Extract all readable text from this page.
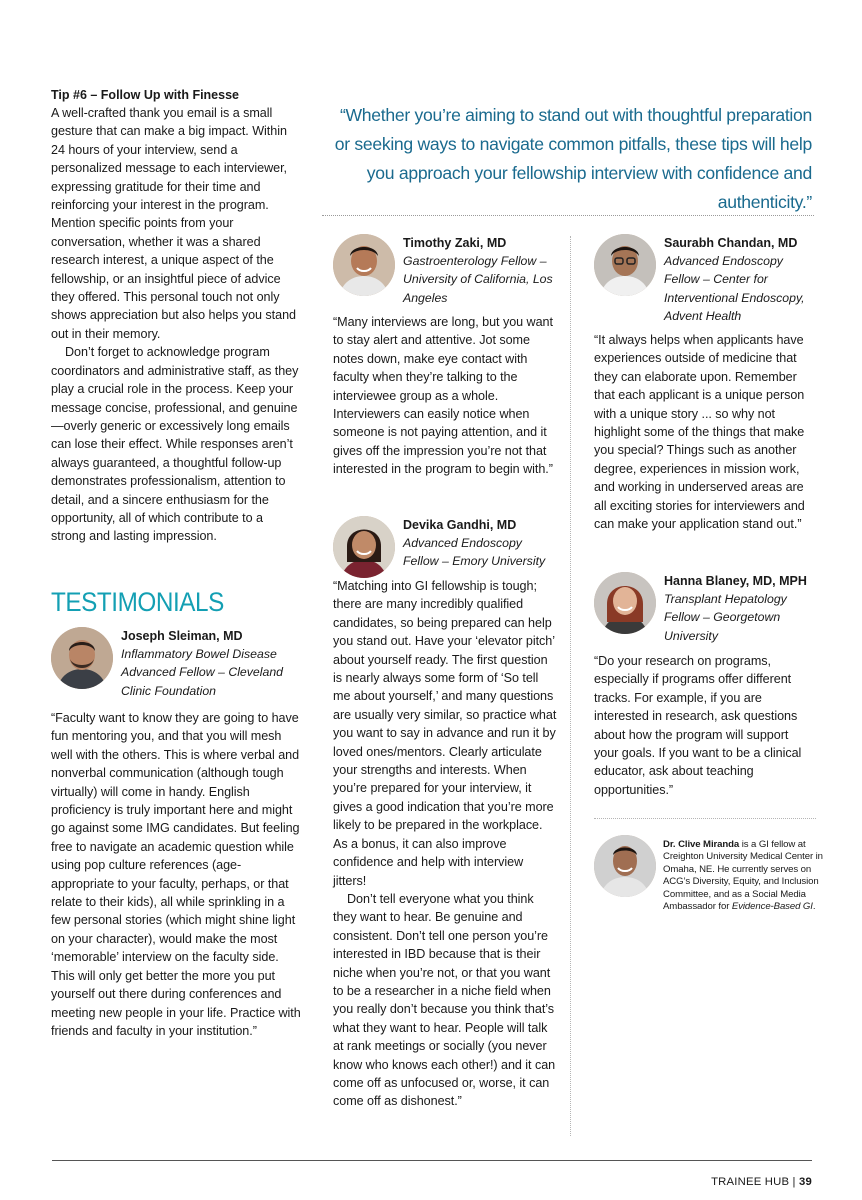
Tip #6 – Follow Up with Finesse

A well-crafted thank you email is a small gesture that can make a big impact. Within 24 hours of your interview, send a personalized message to each interviewer, expressing gratitude for their time and reinforcing your interest in the program. Mention specific points from your conversation, whether it was a shared research interest, a unique aspect of the fellowship, or an insightful piece of advice they offered. This personal touch not only shows appreciation but also helps you stand out in their memory.

Don’t forget to acknowledge program coordinators and administrative staff, as they play a crucial role in the process. Keep your message concise, professional, and genuine—overly generic or excessively long emails can lose their effect. While responses aren’t always guaranteed, a thoughtful follow-up demonstrates professionalism, attention to detail, and a sincere enthusiasm for the opportunity, all of which contribute to a strong and lasting impression.

TESTIMONIALS

Joseph Sleiman, MD

Inflammatory Bowel Disease Advanced Fellow – Cleveland Clinic Foundation

“Faculty want to know they are going to have fun mentoring you, and that you will mesh well with the others. This is where verbal and nonverbal communication (although tough virtually) will come in handy. English proficiency is truly important here and might go against some IMG candidates. But feeling free to navigate an academic question while using pop culture references (age-appropriate to your faculty, perhaps, or that relate to their kids), all while sprinkling in a few personal stories (which might shine light on your character), would make the most ‘memorable’ interview on the faculty side. This will only get better the more you put yourself out there during conferences and meeting new people in your life. Practice with friends and faculty in your institution.”

“Whether you’re aiming to stand out with thoughtful preparation or seeking ways to navigate common pitfalls, these tips will help you approach your fellowship interview with confidence and authenticity.”

Timothy Zaki, MD

Gastroenterology Fellow – University of California, Los Angeles

“Many interviews are long, but you want to stay alert and attentive. Jot some notes down, make eye contact with faculty when they’re talking to the interviewee group as a whole. Interviewers can easily notice when someone is not paying attention, and it gives off the impression you’re not that interested in the program to begin with.”

Devika Gandhi, MD

Advanced Endoscopy Fellow – Emory University

“Matching into GI fellowship is tough; there are many incredibly qualified candidates, so being prepared can help you stand out. Have your ‘elevator pitch’ about yourself ready. The first question is nearly always some form of ‘So tell me about yourself,’ and many questions are usually very similar, so practice what you want to say in advance and run it by loved ones/mentors. Clearly articulate your strengths and interests. When you’re prepared for your interview, it gives a good indication that you’re more likely to be prepared in the workplace. As a bonus, it can also improve confidence and help with interview jitters!

Don’t tell everyone what you think they want to hear. Be genuine and consistent. Don’t tell one person you’re interested in IBD because that is their niche when you’re not, or that you want to be a researcher in a niche field when you really don’t because you think that’s what they want to hear. People will talk at rank meetings or socially (you never know who knows each other!) and it can come off as unfocused or, worse, it can come off as dishonest.”

Saurabh Chandan, MD

Advanced Endoscopy Fellow – Center for Interventional Endoscopy, Advent Health

“It always helps when applicants have experiences outside of medicine that they can elaborate upon. Remember that each applicant is a unique person with a unique story ... so why not highlight some of the things that make you special? Things such as another degree, experiences in mission work, and working in underserved areas are all exciting stories for interviewers and can make your application stand out.”

Hanna Blaney, MD, MPH

Transplant Hepatology Fellow – Georgetown University

“Do your research on programs, especially if programs offer different tracks. For example, if you are interested in research, ask questions about how the program will support your goals. If you want to be a clinical educator, ask about teaching opportunities.”

Dr. Clive Miranda is a GI fellow at Creighton University Medical Center in Omaha, NE. He currently serves on ACG’s Diversity, Equity, and Inclusion Committee, and as a Social Media Ambassador for Evidence-Based GI.

TRAINEE HUB | 39
